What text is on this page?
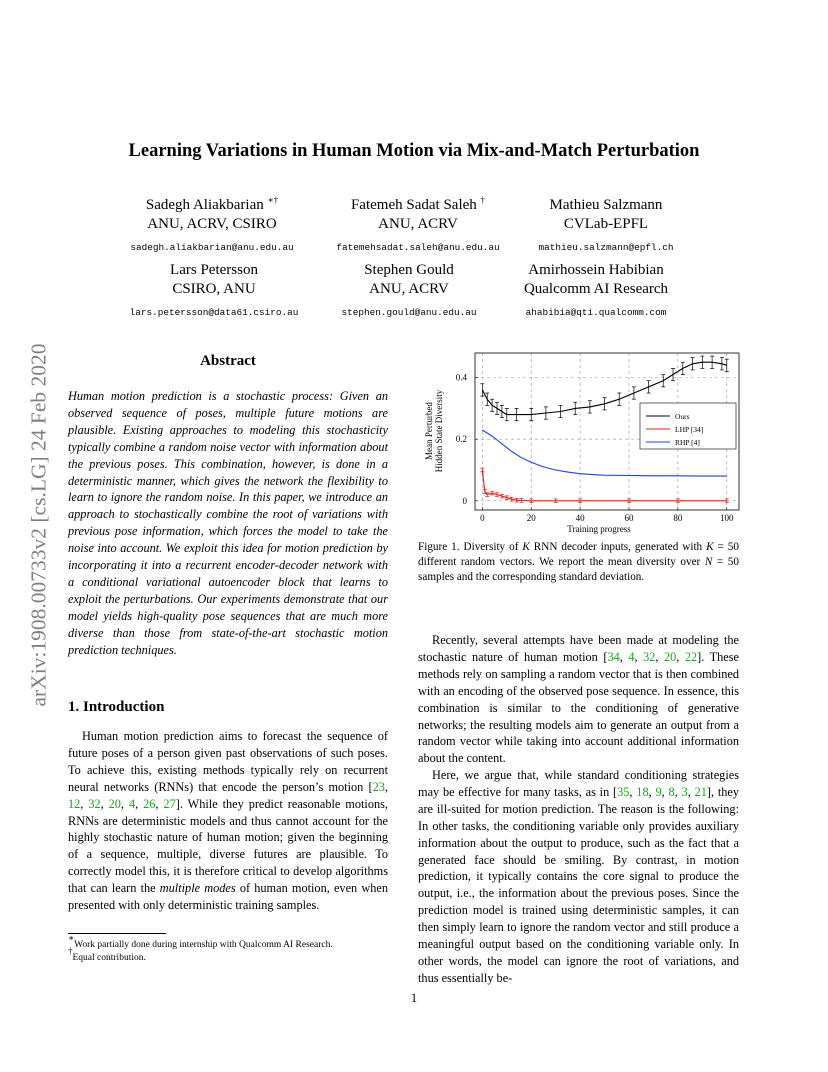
arXiv:1908.00733v2 [cs.LG] 24 Feb 2020
Learning Variations in Human Motion via Mix-and-Match Perturbation
Sadegh Aliakbarian ∗†
ANU, ACRV, CSIRO
sadegh.aliakbarian@anu.edu.au
Fatemeh Sadat Saleh †
ANU, ACRV
fatemehsadat.saleh@anu.edu.au
Mathieu Salzmann
CVLab-EPFL
mathieu.salzmann@epfl.ch
Lars Petersson
CSIRO, ANU
lars.petersson@data61.csiro.au
Stephen Gould
ANU, ACRV
stephen.gould@anu.edu.au
Amirhossein Habibian
Qualcomm AI Research
ahabibia@qti.qualcomm.com
Abstract

Human motion prediction is a stochastic process: Given an observed sequence of poses, multiple future motions are plausible. Existing approaches to modeling this stochasticity typically combine a random noise vector with information about the previous poses. This combination, however, is done in a deterministic manner, which gives the network the flexibility to learn to ignore the random noise. In this paper, we introduce an approach to stochastically combine the root of variations with previous pose information, which forces the model to take the noise into account. We exploit this idea for motion prediction by incorporating it into a recurrent encoder-decoder network with a conditional variational autoencoder block that learns to exploit the perturbations. Our experiments demonstrate that our model yields high-quality pose sequences that are much more diverse than those from state-of-the-art stochastic motion prediction techniques.

1. Introduction

Human motion prediction aims to forecast the sequence of future poses of a person given past observations of such poses. To achieve this, existing methods typically rely on recurrent neural networks (RNNs) that encode the person’s motion [23, 12, 32, 20, 4, 26, 27]. While they predict reasonable motions, RNNs are deterministic models and thus cannot account for the highly stochastic nature of human motion; given the beginning of a sequence, multiple, diverse futures are plausible. To correctly model this, it is therefore critical to develop algorithms that can learn the multiple modes of human motion, even when presented with only deterministic training samples.

0	20	40	60	80	100
0
0.2
0.4
Training progress
Mean Perturbed Hidden State Diversity	Ours
LHP [34]
RHP [4]
Figure 1. Diversity of K RNN decoder inputs, generated with K = 50 different random vectors. We report the mean diversity over N = 50 samples and the corresponding standard deviation.

Recently, several attempts have been made at modeling the stochastic nature of human motion [34, 4, 32, 20, 22]. These methods rely on sampling a random vector that is then combined with an encoding of the observed pose sequence. In essence, this combination is similar to the conditioning of generative networks; the resulting models aim to generate an output from a random vector while taking into account additional information about the content.

Here, we argue that, while standard conditioning strategies may be effective for many tasks, as in [35, 18, 9, 8, 3, 21], they are ill-suited for motion prediction. The reason is the following: In other tasks, the conditioning variable only provides auxiliary information about the output to produce, such as the fact that a generated face should be smiling. By contrast, in motion prediction, it typically contains the core signal to produce the output, i.e., the information about the previous poses. Since the prediction model is trained using deterministic samples, it can then simply learn to ignore the random vector and still produce a meaningful output based on the conditioning variable only. In other words, the model can ignore the root of variations, and thus essentially be-

∗Work partially done during internship with Qualcomm AI Research.
†Equal contribution.
1
